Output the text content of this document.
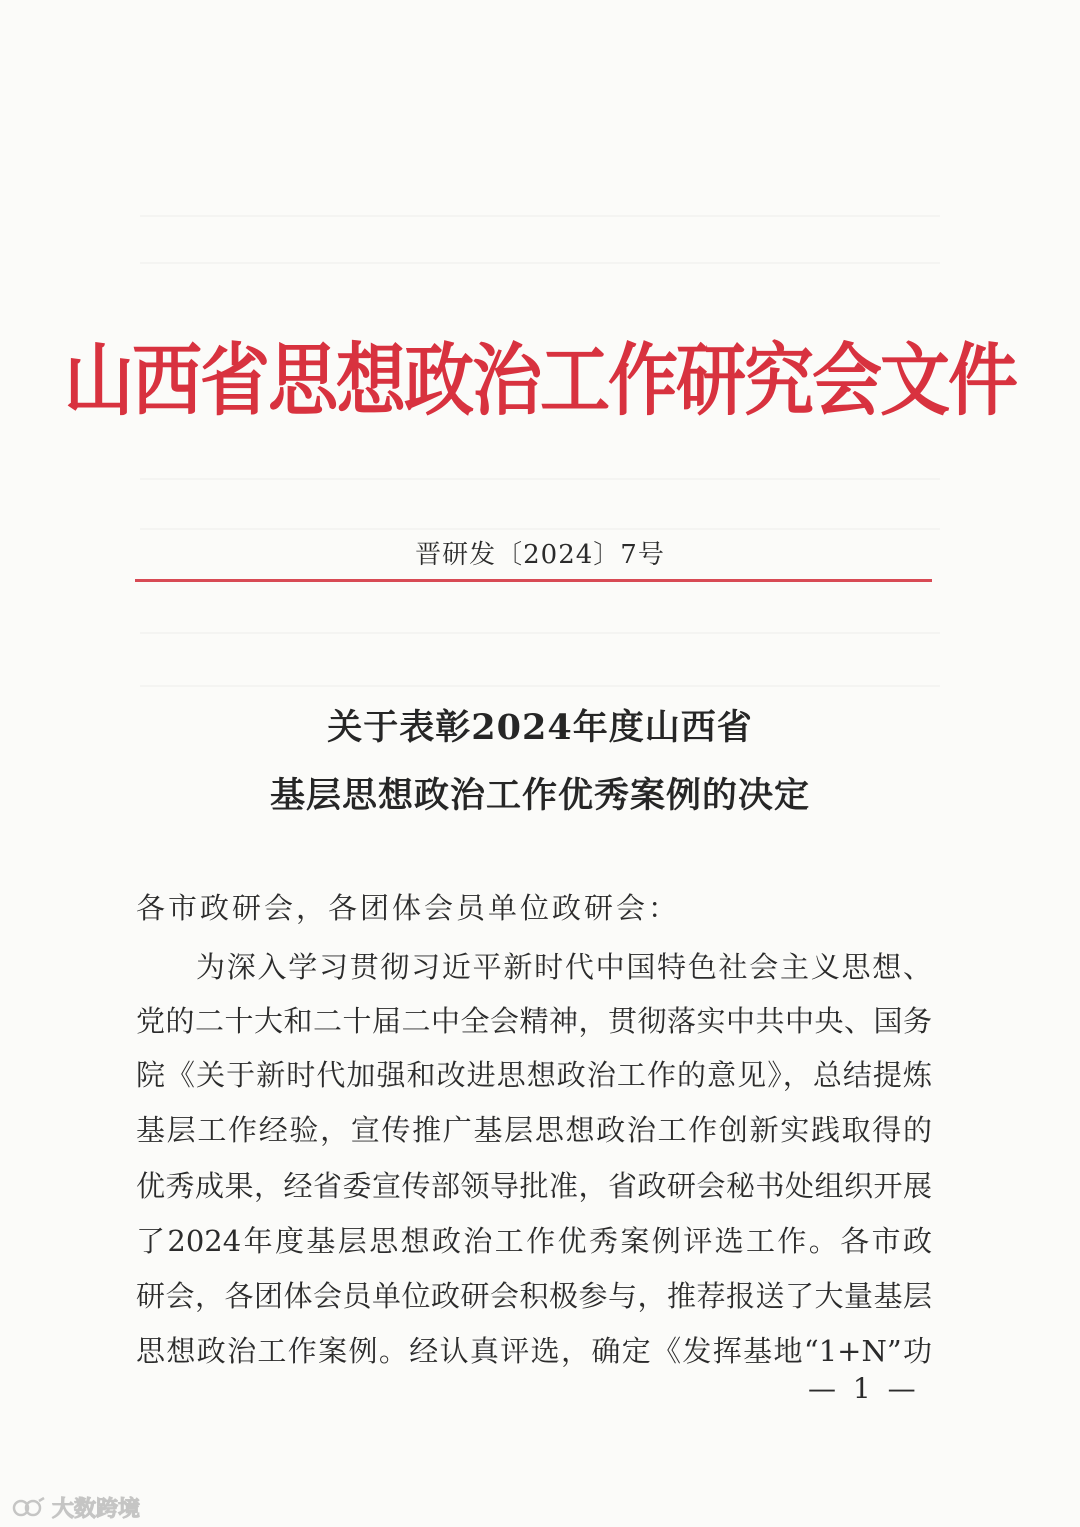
山西省思想政治工作研究会文件
晋研发〔2024〕7号
关于表彰2024年度山西省
基层思想政治工作优秀案例的决定
各市政研会，各团体会员单位政研会：
为深入学习贯彻习近平新时代中国特色社会主义思想、
党的二十大和二十届二中全会精神，贯彻落实中共中央、国务
院《关于新时代加强和改进思想政治工作的意见》，总结提炼
基层工作经验，宣传推广基层思想政治工作创新实践取得的
优秀成果，经省委宣传部领导批准，省政研会秘书处组织开展
了2024年度基层思想政治工作优秀案例评选工作。各市政
研会，各团体会员单位政研会积极参与，推荐报送了大量基层
思想政治工作案例。经认真评选，确定《发挥基地“1+N”功
— 1 —
大数跨境
